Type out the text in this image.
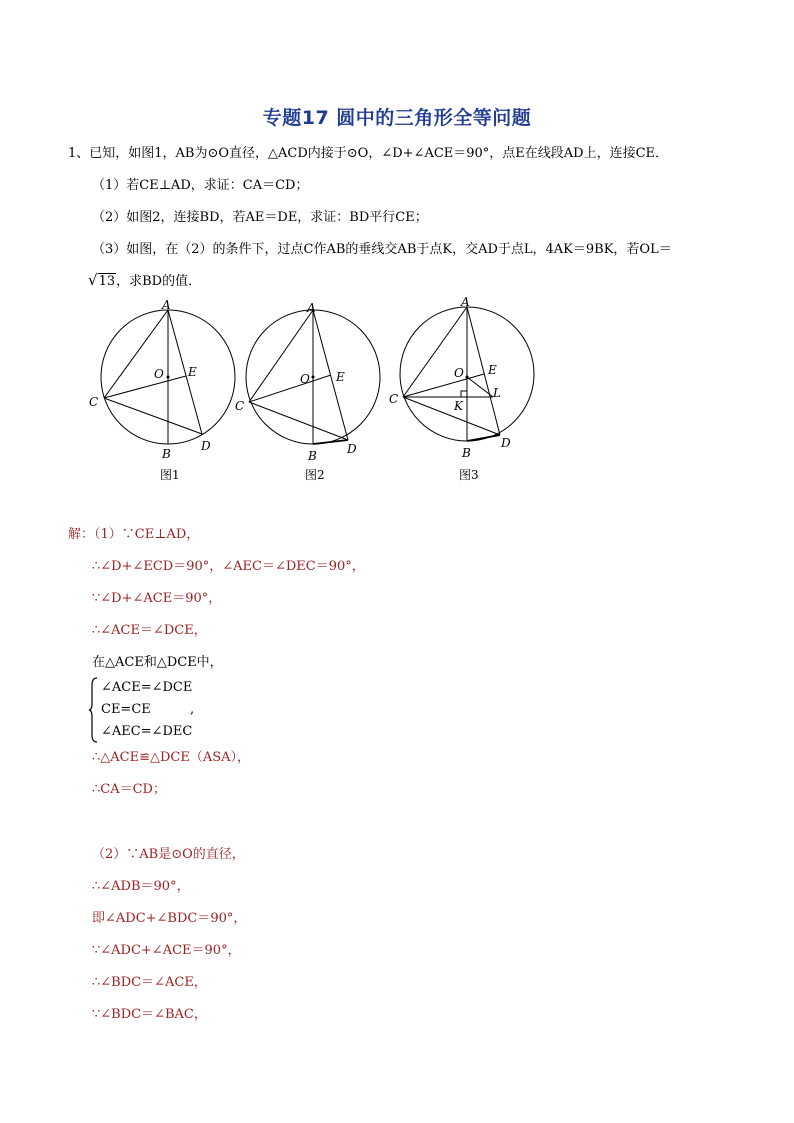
专题17 圆中的三角形全等问题
1、已知，如图1，AB为⊙O直径，△ACD内接于⊙O，∠D+∠ACE＝90°，点E在线段AD上，连接CE．
（1）若CE⊥AD，求证：CA＝CD；
（2）如图2，连接BD，若AE＝DE，求证：BD平行CE；
（3）如图，在（2）的条件下，过点C作AB的垂线交AB于点K，交AD于点L，4AK＝9BK，若OL＝
√13，求BD的值．
A
B
C
D
E
O
A
B
C
D
E
O
A
B
C
D
E
O
K
L
图1	图2	图3
解：（1）∵CE⊥AD，
∴∠D+∠ECD＝90°，∠AEC＝∠DEC＝90°，
∵∠D+∠ACE＝90°，
∴∠ACE＝∠DCE，
在△ACE和△DCE中，
∠ACE=∠DCE
CE=CE	,
∠AEC=∠DEC
∴△ACE≌△DCE（ASA），
∴CA＝CD；
（2）∵AB是⊙O的直径，
∴∠ADB＝90°，
即∠ADC+∠BDC＝90°，
∵∠ADC+∠ACE＝90°，
∴∠BDC＝∠ACE，
∵∠BDC＝∠BAC，
